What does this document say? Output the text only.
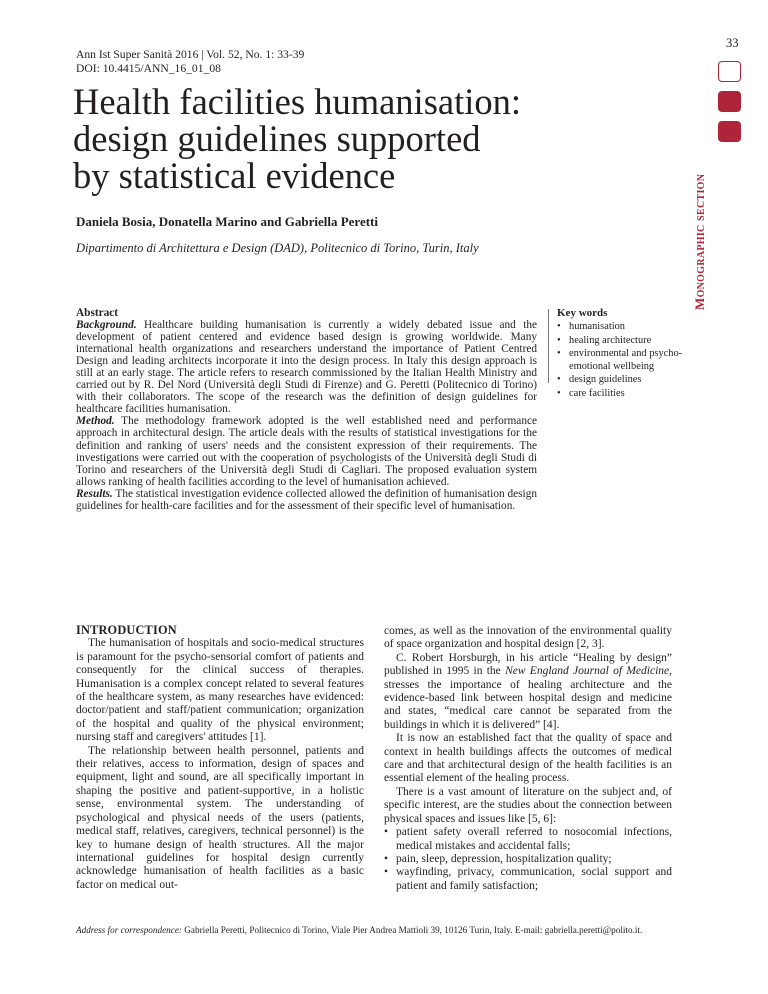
33
MONOGRAPHIC SECTION
Ann Ist Super Sanità 2016 | Vol. 52, No. 1: 33-39
DOI: 10.4415/ANN_16_01_08
Health facilities humanisation:
design guidelines supported
by statistical evidence
Daniela Bosia, Donatella Marino and Gabriella Peretti
Dipartimento di Architettura e Design (DAD), Politecnico di Torino, Turin, Italy

Abstract

Background. Healthcare building humanisation is currently a widely debated issue and the development of patient centered and evidence based design is growing worldwide. Many international health organizations and researchers understand the importance of Patient Centred Design and leading architects incorporate it into the design process. In Italy this design approach is still at an early stage. The article refers to research commissioned by the Italian Health Ministry and carried out by R. Del Nord (Università degli Studi di Firenze) and G. Peretti (Politecnico di Torino) with their collaborators. The scope of the research was the definition of design guidelines for healthcare facilities humanisation.

Method. The methodology framework adopted is the well established need and performance approach in architectural design. The article deals with the results of statistical investigations for the definition and ranking of users' needs and the consistent expression of their requirements. The investigations were carried out with the cooperation of psychologists of the Università degli Studi di Torino and researchers of the Università degli Studi di Cagliari. The proposed evaluation system allows ranking of health facilities according to the level of humanisation achieved.

Results. The statistical investigation evidence collected allowed the definition of humanisation design guidelines for health-care facilities and for the assessment of their specific level of humanisation.

Key words
• humanisation
• healing architecture
• environmental and psycho-emotional wellbeing
• design guidelines
• care facilities
INTRODUCTION

The humanisation of hospitals and socio-medical structures is paramount for the psycho-sensorial comfort of patients and consequently for the clinical success of therapies. Humanisation is a complex concept related to several features of the healthcare system, as many researches have evidenced: doctor/patient and staff/patient communication; organization of the hospital and quality of the physical environment; nursing staff and caregivers' attitudes [1].

The relationship between health personnel, patients and their relatives, access to information, design of spaces and equipment, light and sound, are all specifically important in shaping the positive and patient-supportive, in a holistic sense, environmental system. The understanding of psychological and physical needs of the users (patients, medical staff, relatives, caregivers, technical personnel) is the key to humane design of health structures. All the major international guidelines for hospital design currently acknowledge humanisation of health facilities as a basic factor on medical out-

comes, as well as the innovation of the environmental quality of space organization and hospital design [2, 3].

C. Robert Horsburgh, in his article “Healing by design” published in 1995 in the New England Journal of Medicine, stresses the importance of healing architecture and the evidence-based link between hospital design and medicine and states, “medical care cannot be separated from the buildings in which it is delivered” [4].

It is now an established fact that the quality of space and context in health buildings affects the outcomes of medical care and that architectural design of the health facilities is an essential element of the healing process.

There is a vast amount of literature on the subject and, of specific interest, are the studies about the connection between physical spaces and issues like [5, 6]:

• patient safety overall referred to nosocomial infections, medical mistakes and accidental falls;
• pain, sleep, depression, hospitalization quality;
• wayfinding, privacy, communication, social support and patient and family satisfaction;
Address for correspondence: Gabriella Peretti, Politecnico di Torino, Viale Pier Andrea Mattioli 39, 10126 Turin, Italy. E-mail: gabriella.peretti@polito.it.
